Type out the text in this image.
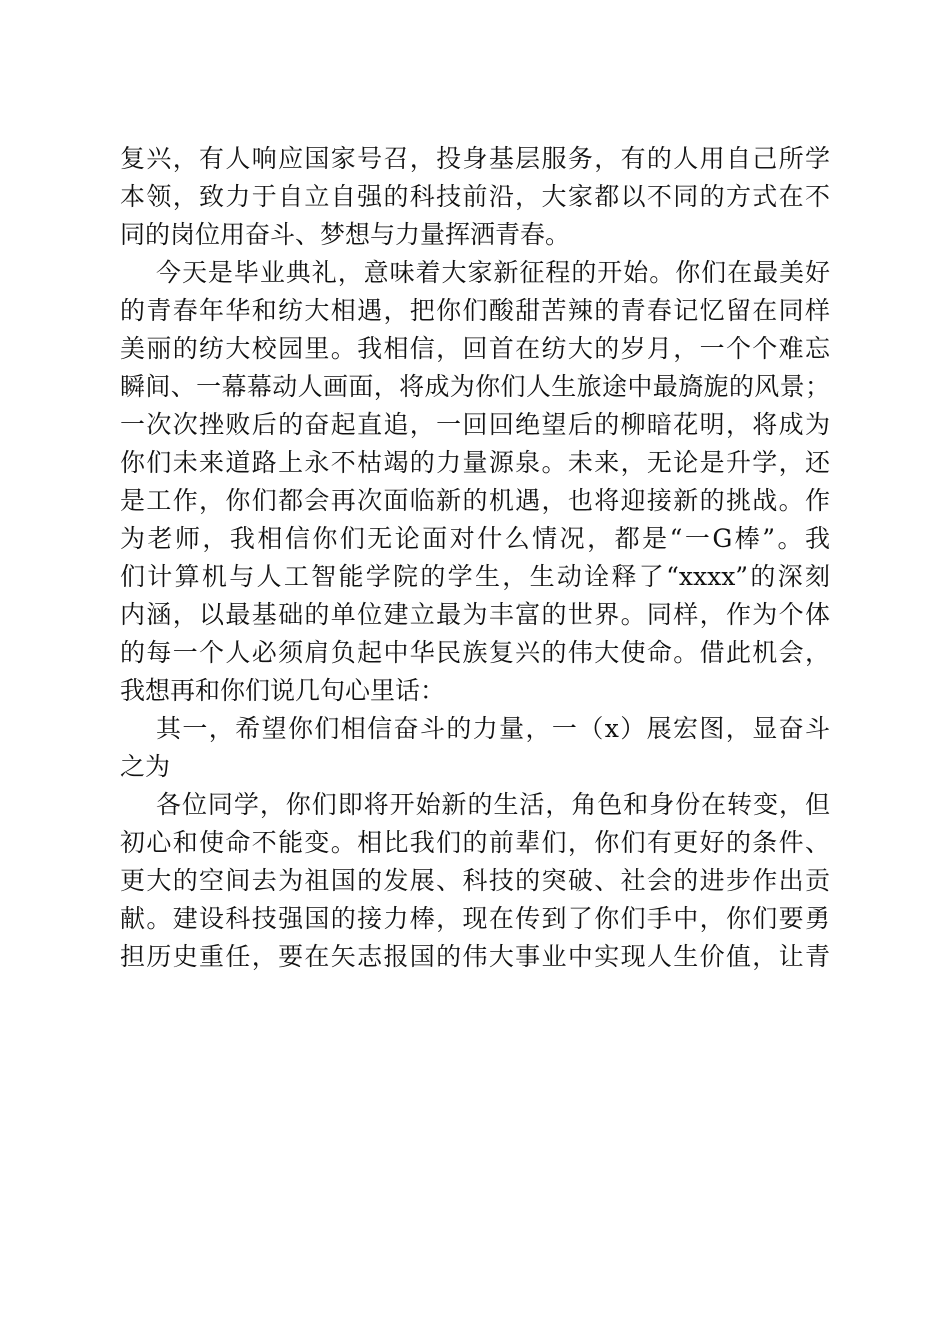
复兴，有人响应国家号召，投身基层服务，有的人用自己所学
本领，致力于自立自强的科技前沿，大家都以不同的方式在不
同的岗位用奋斗、梦想与力量挥洒青春。
今天是毕业典礼，意味着大家新征程的开始。你们在最美好
的青春年华和纺大相遇，把你们酸甜苦辣的青春记忆留在同样
美丽的纺大校园里。我相信，回首在纺大的岁月，一个个难忘
瞬间、一幕幕动人画面，将成为你们人生旅途中最旖旎的风景；
一次次挫败后的奋起直追，一回回绝望后的柳暗花明，将成为
你们未来道路上永不枯竭的力量源泉。未来，无论是升学，还
是工作，你们都会再次面临新的机遇，也将迎接新的挑战。作
为老师，我相信你们无论面对什么情况，都是“一G棒”。我
们计算机与人工智能学院的学生，生动诠释了“xxxx”的深刻
内涵，以最基础的单位建立最为丰富的世界。同样，作为个体
的每一个人必须肩负起中华民族复兴的伟大使命。借此机会，
我想再和你们说几句心里话：
其一，希望你们相信奋斗的力量，一（x）展宏图，显奋斗
之为
各位同学，你们即将开始新的生活，角色和身份在转变，但
初心和使命不能变。相比我们的前辈们，你们有更好的条件、
更大的空间去为祖国的发展、科技的突破、社会的进步作出贡
献。建设科技强国的接力棒，现在传到了你们手中，你们要勇
担历史重任，要在矢志报国的伟大事业中实现人生价值，让青
